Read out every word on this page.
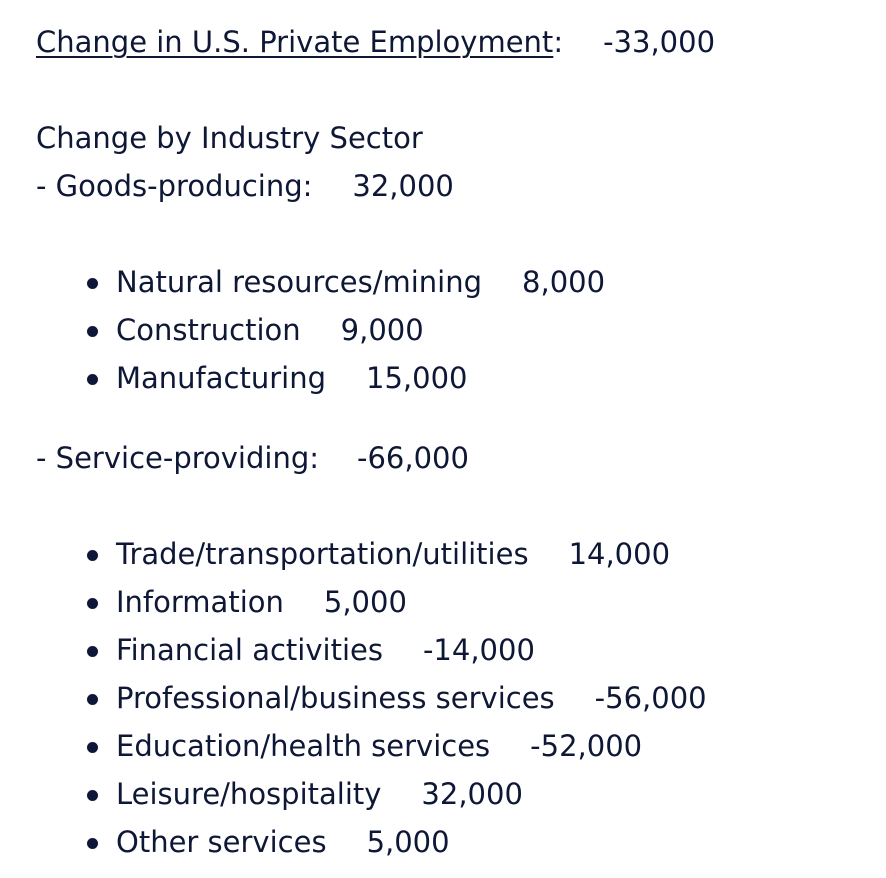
Change in U.S. Private Employment: -33,000
Change by Industry Sector
- Goods-producing: 32,000
Natural resources/mining 8,000
Construction 9,000
Manufacturing 15,000
- Service-providing: -66,000
Trade/transportation/utilities 14,000
Information 5,000
Financial activities -14,000
Professional/business services -56,000
Education/health services -52,000
Leisure/hospitality 32,000
Other services 5,000
